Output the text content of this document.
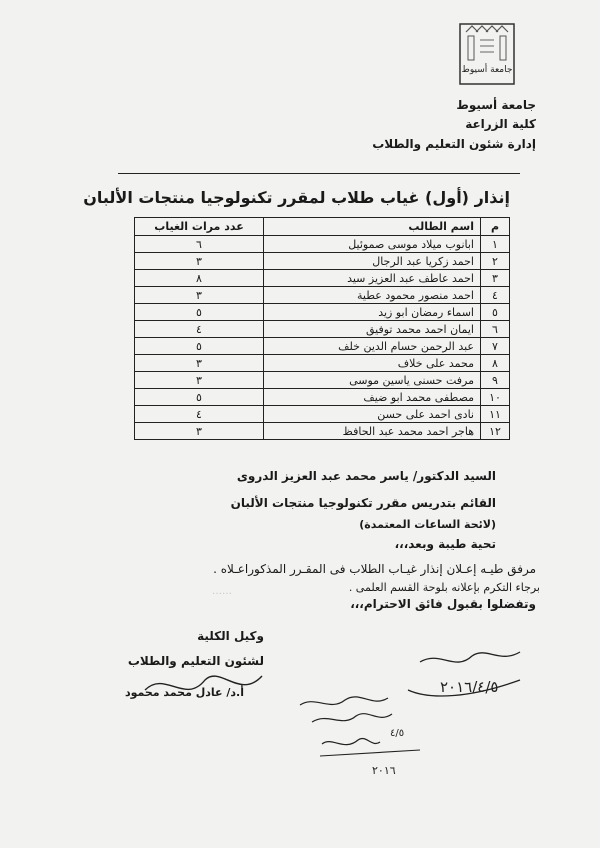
جامعة أسيوط
جامعة أسيوط
كلية الزراعة
إدارة شئون التعليم والطلاب
إنذار (أول) غياب طلاب لمقرر تكنولوجيا منتجات الألبان
م	اسم الطالب	عدد مرات الغياب
١	ابانوب ميلاد موسى صموئيل	٦
٢	احمد زكريا عبد الرجال	٣
٣	احمد عاطف عبد العزيز سيد	٨
٤	احمد منصور محمود عطية	٣
٥	اسماء رمضان ابو زيد	٥
٦	ايمان احمد محمد توفيق	٤
٧	عبد الرحمن حسام الدين خلف	٥
٨	محمد على خلاف	٣
٩	مرفت حسنى ياسين موسى	٣
١٠	مصطفى محمد ابو ضيف	٥
١١	نادى احمد على حسن	٤
١٢	هاجر احمد محمد عبد الحافظ	٣
السيد الدكتور/ ياسر محمد عبد العزيز الدروى
القائم بتدريس مقرر تكنولوجيا منتجات الألبان
(لائحة الساعات المعتمدة)
تحية طيبة وبعد،،،
……
مرفق طيـه إعـلان إنذار غيـاب الطلاب فى المقـرر المذكوراعـلاه .
برجاء التكرم بإعلانه بلوحة القسم العلمى .
وتفضلوا بقبول فائق الاحترام،،،
وكيل الكلية
لشئون التعليم والطلاب
أ.د/ عادل محمد محمود	٢٠١٦/٤/٥
٤/٥
٢٠١٦
